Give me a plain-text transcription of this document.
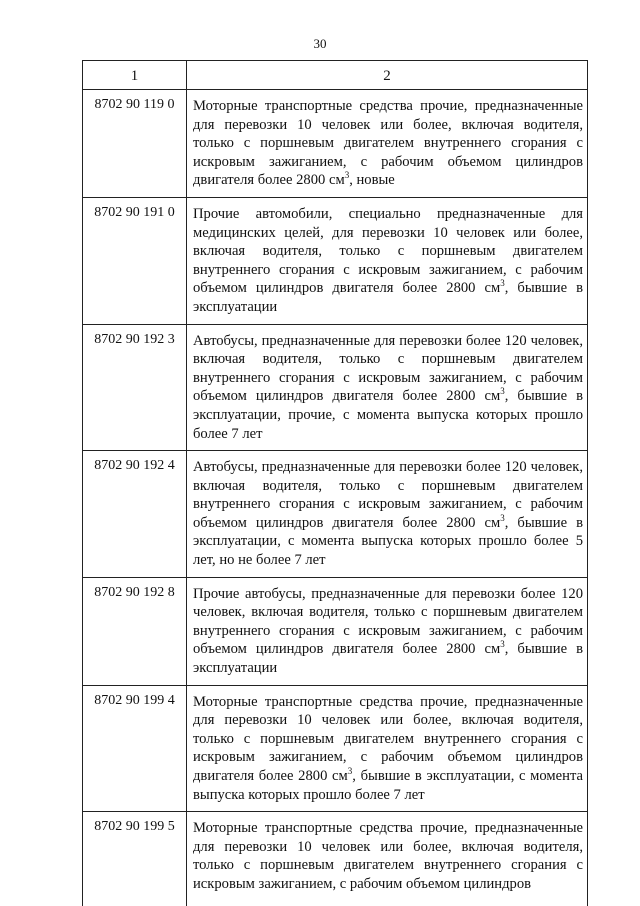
30
1	2
8702 90 119 0	Моторные транспортные средства прочие, предназначенные для перевозки 10 человек или более, включая водителя, только с поршневым двигателем внутреннего сгорания с искровым зажиганием, с рабочим объемом цилиндров двигателя более 2800 $см^3$, новые
8702 90 191 0	Прочие автомобили, специально предназначенные для медицинских целей, для перевозки 10 человек или более, включая водителя, только с поршневым двигателем внутреннего сгорания с искровым зажиганием, с рабочим объемом цилиндров двигателя более 2800 $см^3$, бывшие в эксплуатации
8702 90 192 3	Автобусы, предназначенные для перевозки более 120 человек, включая водителя, только с поршневым двигателем внутреннего сгорания с искровым зажиганием, с рабочим объемом цилиндров двигателя более 2800 $см^3$, бывшие в эксплуатации, прочие, с момента выпуска которых прошло более 7 лет
8702 90 192 4	Автобусы, предназначенные для перевозки более 120 человек, включая водителя, только с поршневым двигателем внутреннего сгорания с искровым зажиганием, с рабочим объемом цилиндров двигателя более 2800 $см^3$, бывшие в эксплуатации, с момента выпуска которых прошло более 5 лет, но не более 7 лет
8702 90 192 8	Прочие автобусы, предназначенные для перевозки более 120 человек, включая водителя, только с поршневым двигателем внутреннего сгорания с искровым зажиганием, с рабочим объемом цилиндров двигателя более 2800 $см^3$, бывшие в эксплуатации
8702 90 199 4	Моторные транспортные средства прочие, предназначенные для перевозки 10 человек или более, включая водителя, только с поршневым двигателем внутреннего сгорания с искровым зажиганием, с рабочим объемом цилиндров двигателя более 2800 $см^3$, бывшие в эксплуатации, с момента выпуска которых прошло более 7 лет
8702 90 199 5	Моторные транспортные средства прочие, предназначенные для перевозки 10 человек или более, включая водителя, только с поршневым двигателем внутреннего сгорания с искровым зажиганием, с рабочим объемом цилиндров
